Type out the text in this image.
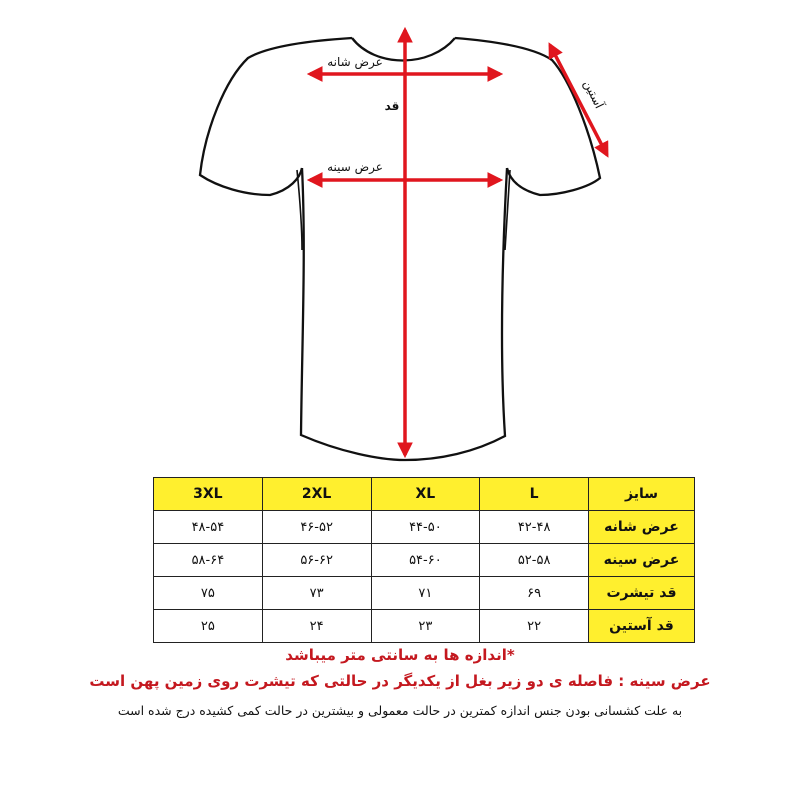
عرض شانه
قد
عرض سینه
آستین
سایز	L	XL	2XL	3XL
عرض شانه	۴۲-۴۸	۴۴-۵۰	۴۶-۵۲	۴۸-۵۴
عرض سینه	۵۲-۵۸	۵۴-۶۰	۵۶-۶۲	۵۸-۶۴
قد تیشرت	۶۹	۷۱	۷۳	۷۵
قد آستین	۲۲	۲۳	۲۴	۲۵

*اندازه ها به سانتی متر میباشد

عرض سینه : فاصله ی دو زیر بغل از یکدیگر در حالتی که تیشرت روی زمین پهن است

به علت کشسانی بودن جنس اندازه کمترین در حالت معمولی و بیشترین در حالت کمی کشیده درج شده است
